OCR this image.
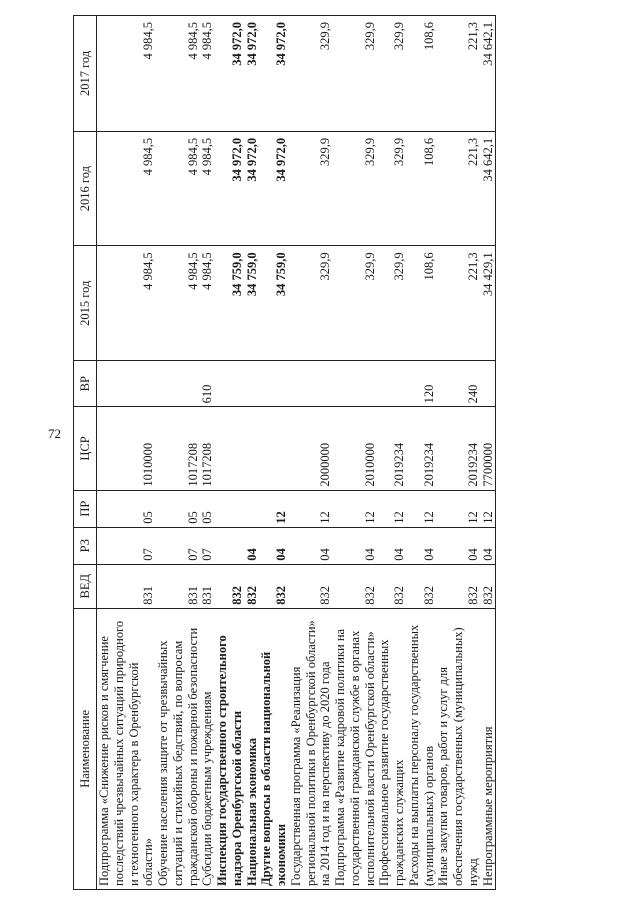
72
Наименование	ВЕД	РЗ	ПР	ЦСР	ВР	2015 год	2016 год	2017 год
Подпрограмма «Снижение рисков и смягчение последствий чрезвычайных ситуаций природного и техногенного характера в Оренбургской области»	831	07	05	1010000		4 984,5	4 984,5	4 984,5
Обучение населения защите от чрезвычайных ситуаций и стихийных бедствий, по вопросам гражданской обороны и пожарной безопасности	831	07	05	1017208		4 984,5	4 984,5	4 984,5
Субсидии бюджетным учреждениям	831	07	05	1017208	610	4 984,5	4 984,5	4 984,5
Инспекция государственного строительного надзора Оренбургской области	832					34 759,0	34 972,0	34 972,0
Национальная экономика	832	04				34 759,0	34 972,0	34 972,0
Другие вопросы в области национальной экономики	832	04	12			34 759,0	34 972,0	34 972,0
Государственная программа «Реализация региональной политики в Оренбургской области» на 2014 год и на перспективу до 2020 года	832	04	12	2000000		329,9	329,9	329,9
Подпрограмма «Развитие кадровой политики на государственной гражданской службе в органах исполнительной власти Оренбургской области»	832	04	12	2010000		329,9	329,9	329,9
Профессиональное развитие государственных гражданских служащих	832	04	12	2019234		329,9	329,9	329,9
Расходы на выплаты персоналу государственных (муниципальных) органов	832	04	12	2019234	120	108,6	108,6	108,6
Иные закупки товаров, работ и услуг для обеспечения государственных (муниципальных) нужд	832	04	12	2019234	240	221,3	221,3	221,3
Непрограммные мероприятия	832	04	12	7700000		34 429,1	34 642,1	34 642,1
